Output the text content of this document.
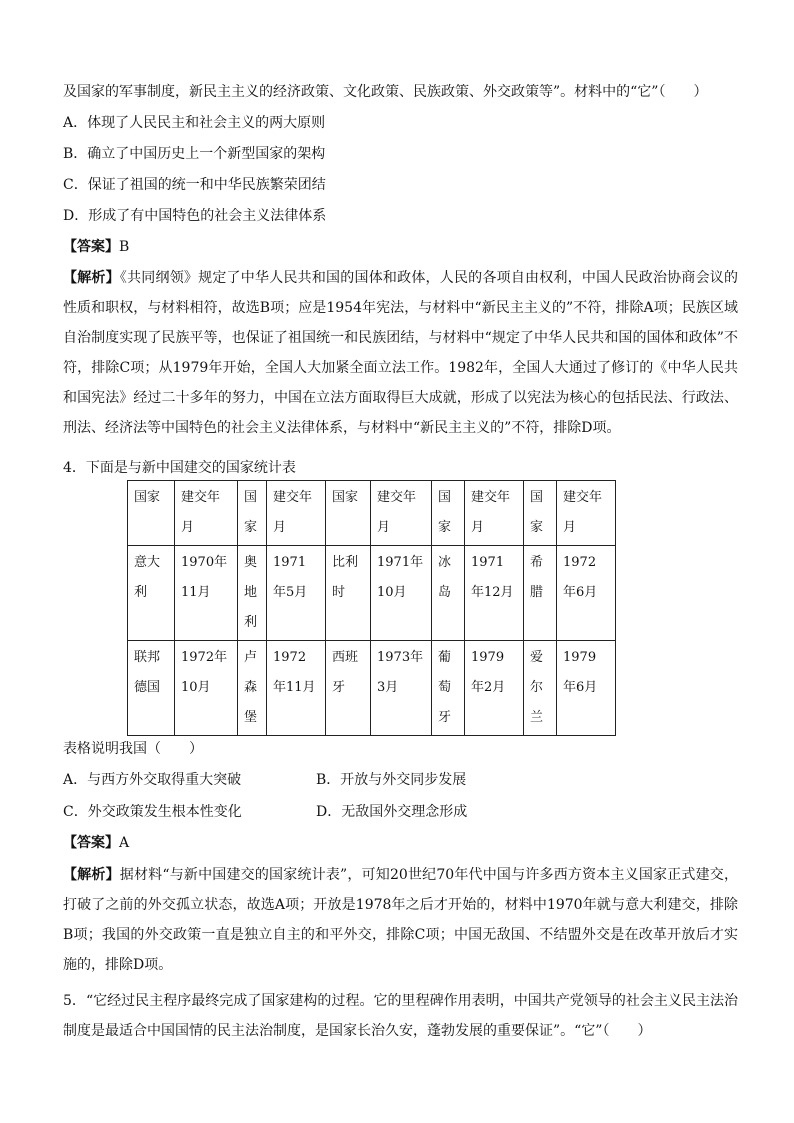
及国家的军事制度，新民主主义的经济政策、文化政策、民族政策、外交政策等”。材料中的“它”（　　）
A．体现了人民民主和社会主义的两大原则
B．确立了中国历史上一个新型国家的架构
C．保证了祖国的统一和中华民族繁荣团结
D．形成了有中国特色的社会主义法律体系
【答案】B

【解析】《共同纲领》规定了中华人民共和国的国体和政体，人民的各项自由权利，中国人民政治协商会议的性质和职权，与材料相符，故选B项；应是1954年宪法，与材料中“新民主主义的”不符，排除A项；民族区域自治制度实现了民族平等，也保证了祖国统一和民族团结，与材料中“规定了中华人民共和国的国体和政体”不符，排除C项；从1979年开始，全国人大加紧全面立法工作。1982年，全国人大通过了修订的《中华人民共和国宪法》经过二十多年的努力，中国在立法方面取得巨大成就，形成了以宪法为核心的包括民法、行政法、刑法、经济法等中国特色的社会主义法律体系，与材料中“新民主主义的”不符，排除D项。

4．下面是与新中国建交的国家统计表
国家	建交年月	国家	建交年月	国家	建交年月	国家	建交年月	国家	建交年月
意大利	1970年11月	奥地利	1971年5月	比利时	1971年10月	冰岛	1971年12月	希腊	1972年6月
联邦德国	1972年10月	卢森堡	1972年11月	西班牙	1973年3月	葡萄牙	1979年2月	爱尔兰	1979年6月
表格说明我国（　　）
A．与西方外交取得重大突破	B．开放与外交同步发展
C．外交政策发生根本性变化	D．无敌国外交理念形成
【答案】A

【解析】据材料“与新中国建交的国家统计表”，可知20世纪70年代中国与许多西方资本主义国家正式建交，打破了之前的外交孤立状态，故选A项；开放是1978年之后才开始的，材料中1970年就与意大利建交，排除B项；我国的外交政策一直是独立自主的和平外交，排除C项；中国无敌国、不结盟外交是在改革开放后才实施的，排除D项。

5．“它经过民主程序最终完成了国家建构的过程。它的里程碑作用表明，中国共产党领导的社会主义民主法治制度是最适合中国国情的民主法治制度，是国家长治久安，蓬勃发展的重要保证”。“它”（　　）
